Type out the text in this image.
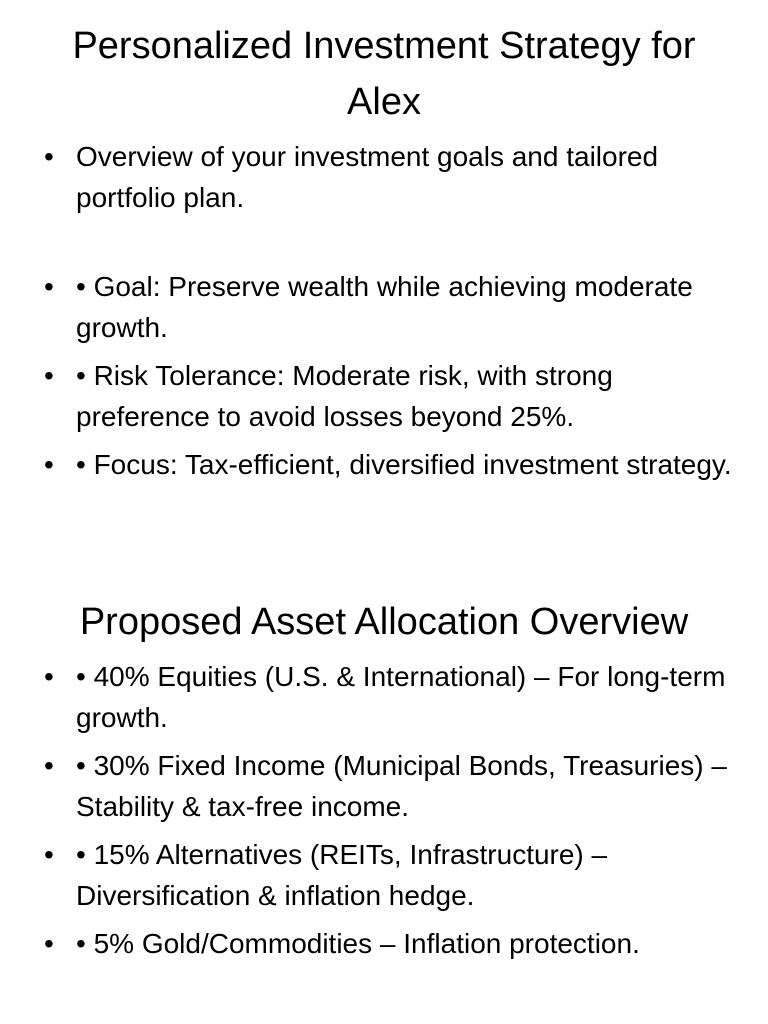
Personalized Investment Strategy for Alex
• Overview of your investment goals and tailored portfolio plan.
• • Goal: Preserve wealth while achieving moderate growth.
• • Risk Tolerance: Moderate risk, with strong preference to avoid losses beyond 25%.
• • Focus: Tax-efficient, diversified investment strategy.
Proposed Asset Allocation Overview
• • 40% Equities (U.S. & International) – For long-term growth.
• • 30% Fixed Income (Municipal Bonds, Treasuries) – Stability & tax-free income.
• • 15% Alternatives (REITs, Infrastructure) – Diversification & inflation hedge.
• • 5% Gold/Commodities – Inflation protection.
